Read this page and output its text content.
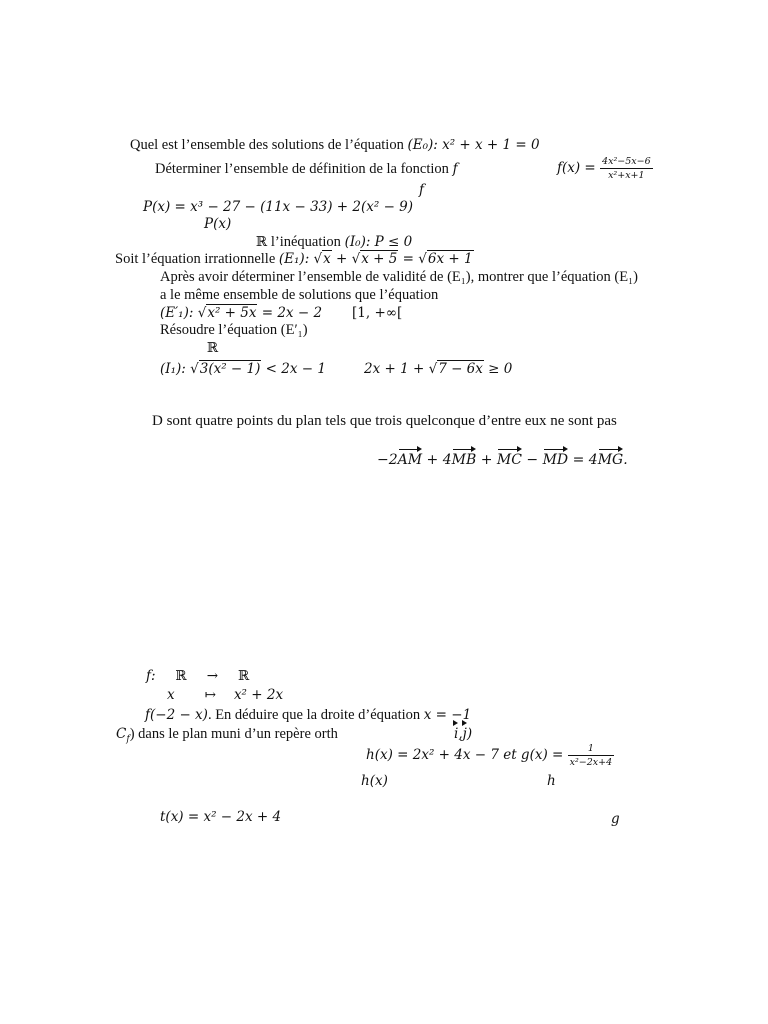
Quel est l’ensemble des solutions de l’équation (E₀): x² + x + 1 = 0
Déterminer l’ensemble de définition de la fonction f	$f(x) = \frac{\text{4x²−5x−6}}{\text{x²+x+1}}$
f
P(x) = x³ − 27 − (11x − 33) + 2(x² − 9)
P(x)
ℝ l’inéquation (I₀): P ≤ 0
Soit l’équation irrationnelle (E₁): √x + √x + 5 = √6x + 1
Après avoir déterminer l’ensemble de validité de (E₁), montrer que l’équation (E₁)
a le même ensemble de solutions que l’équation
(E′₁): √x² + 5x = 2x − 2 [1, +∞[
Résoudre l’équation (E′₁)
ℝ
(I₁): √3(x² − 1) < 2x − 1	2x + 1 + √7 − 6x ≥ 0
D sont quatre points du plan tels que trois quelconque d’entre eux ne sont pas
−2AM + 4MB + MC − MD = 4MG.
f: ℝ → ℝ
x ↦ x² + 2x
f(−2 − x). En déduire que la droite d’équation x = −1
$C_f$) dans le plan muni d’un repère orth	i,j)
h(x) = 2x² + 4x − 7 et $g(x) = \frac{1}{\text{x²−2x+4}}$
h(x)	h
t(x) = x² − 2x + 4	g
